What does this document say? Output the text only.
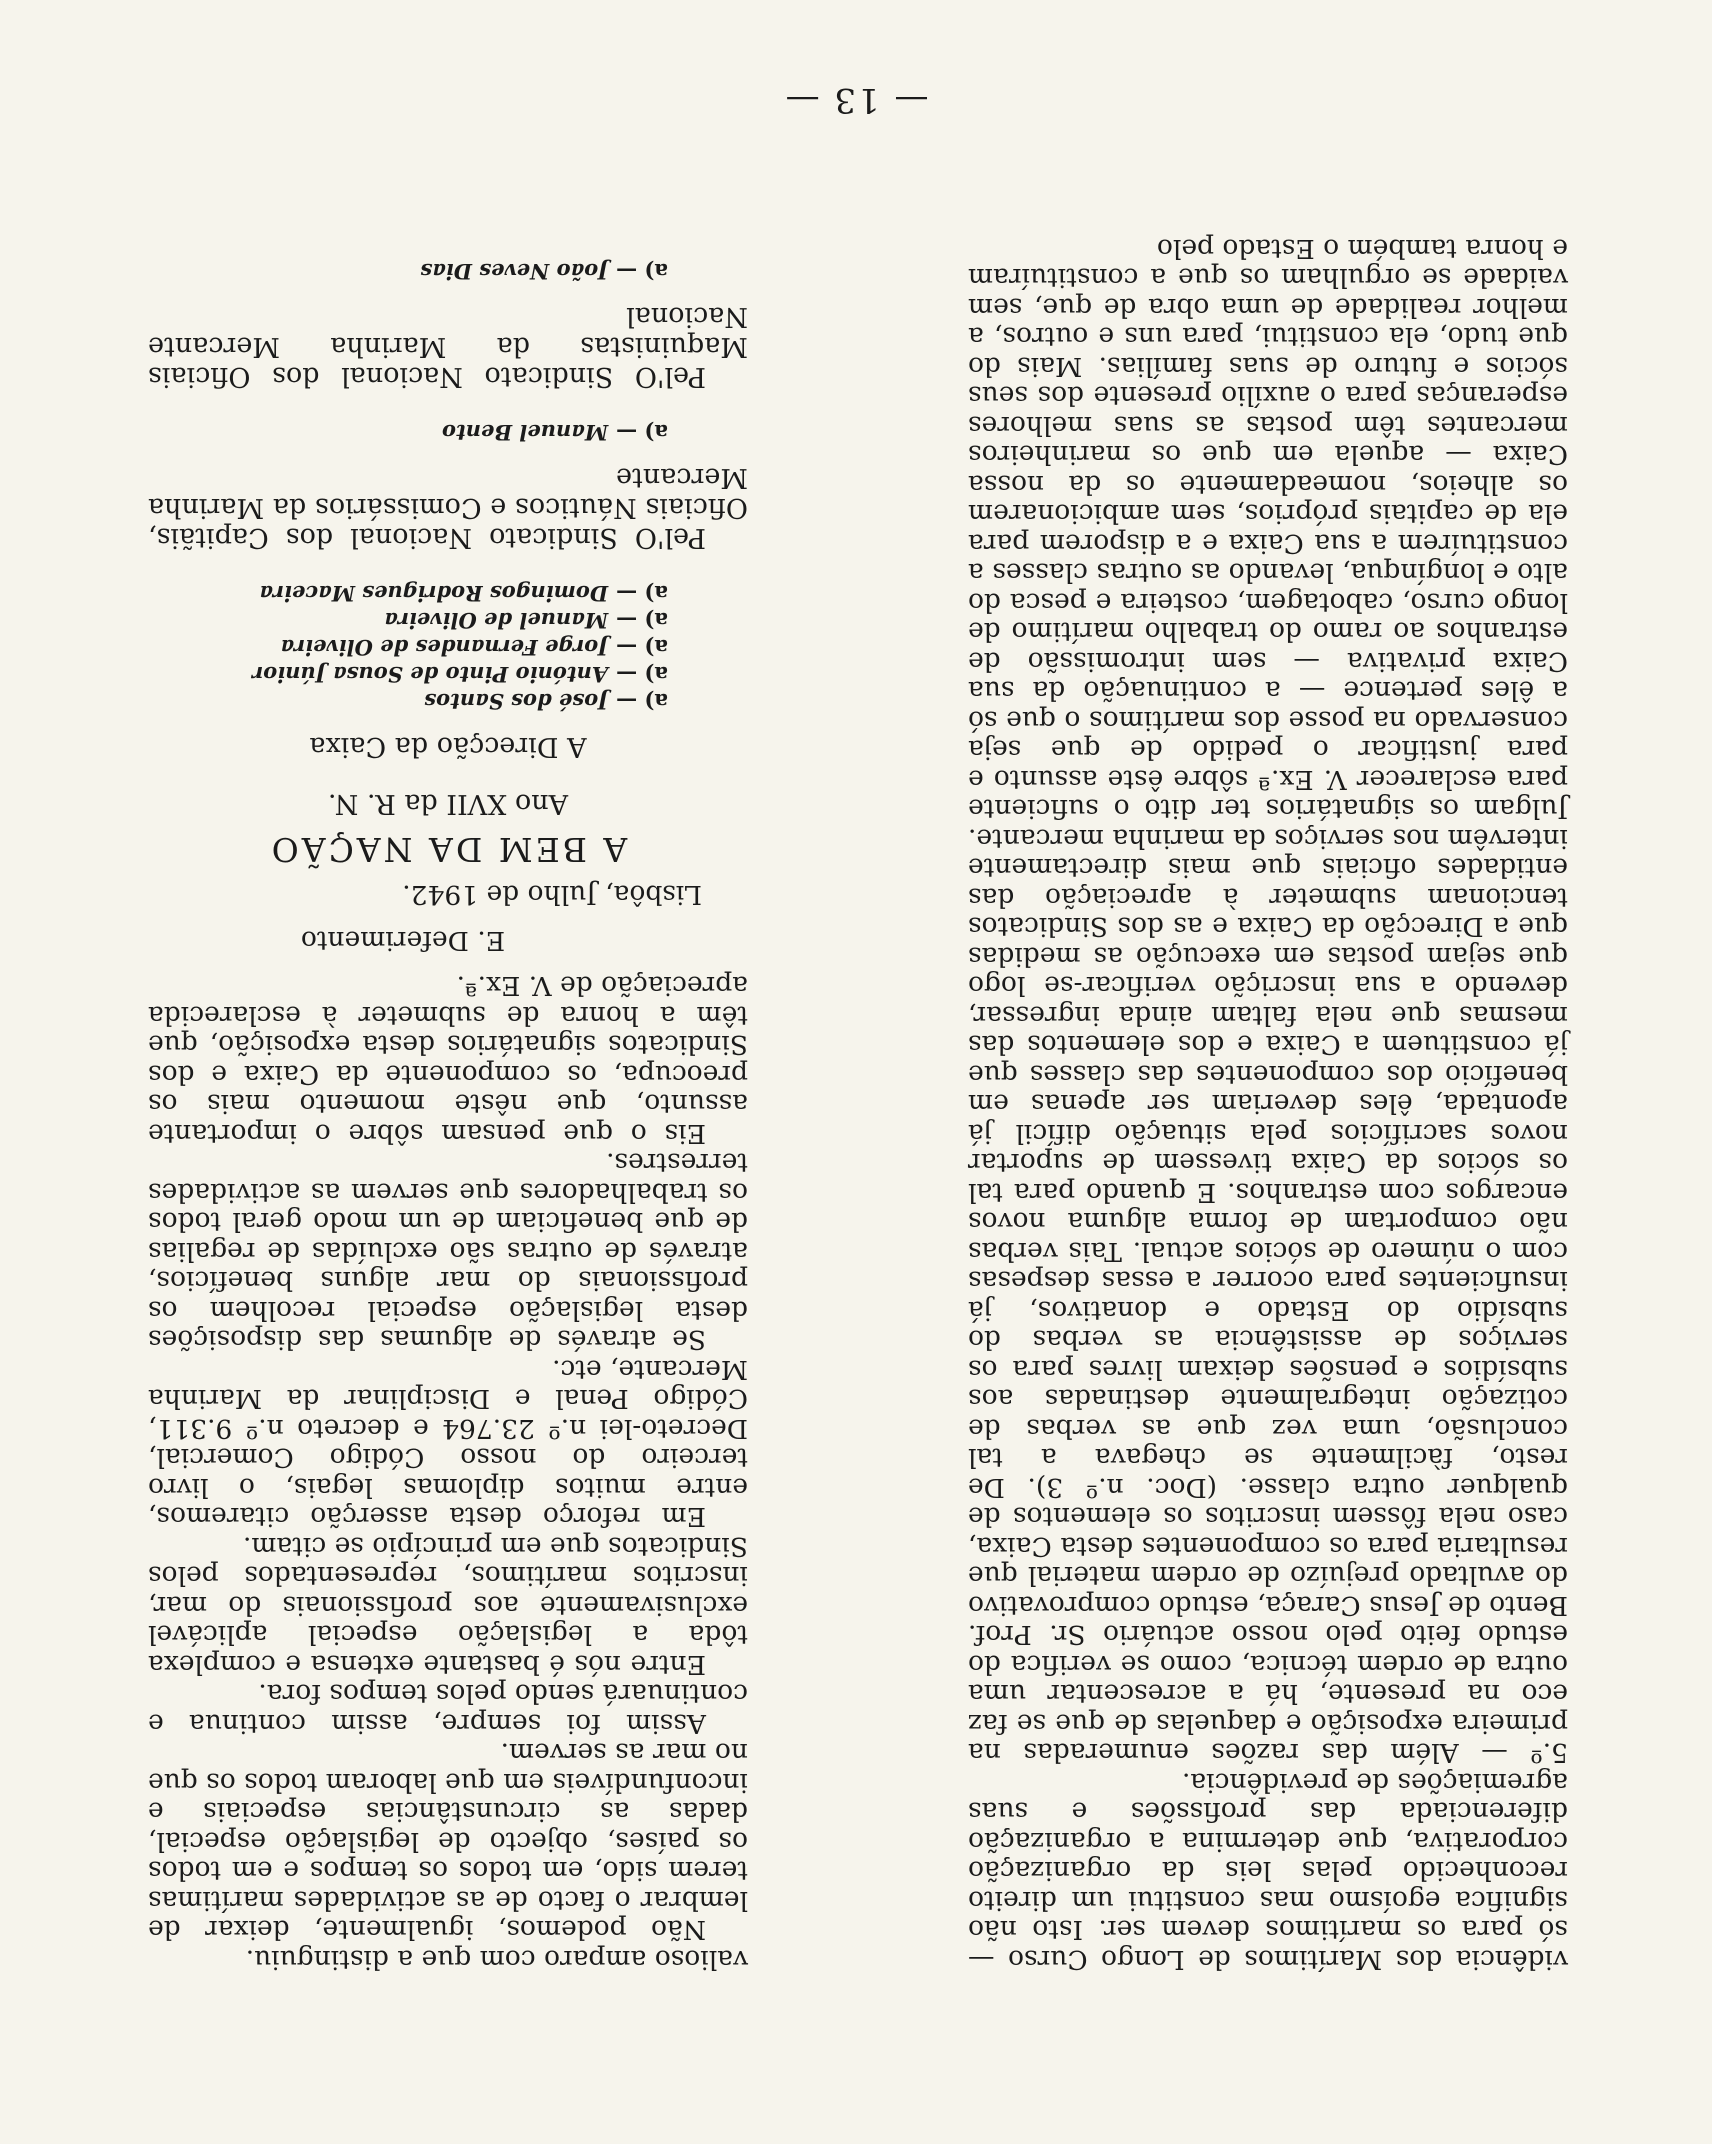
— 13 —

vidência dos Marítimos de Longo Curso — só para os marítimos devem ser. Isto não significa egoísmo mas constitui um direito reconhecido pelas leis da organização corporativa, que determina a organização diferenciada das profissões e suas agremiações de previdência.

5.º — Além das razões enumeradas na primeira exposição e daquelas de que se faz eco na presente, há a acrescentar uma outra de ordem técnica, como se verifica do estudo feito pelo nosso actuário Sr. Prof. Bento de Jesus Caraça, estudo comprovativo do avultado prejuízo de ordem material que resultaria para os componentes desta Caixa, caso nela fôssem inscritos os elementos de qualquer outra classe. (Doc. n.º 3). De resto, fàcilmente se chegava a tal conclusão, uma vez que as verbas de cotização integralmente destinadas aos subsídios e pensões deixam livres para os serviços de assistência as verbas do subsídio do Estado e donativos, já insuficientes para ocorrer a essas despesas com o número de sócios actual. Tais verbas não comportam de forma alguma novos encargos com estranhos. E quando para tal os sócios da Caixa tivessem de suportar novos sacrifícios pela situação difícil já apontada, êles deveriam ser apenas em benefício dos componentes das classes que já constituem a Caixa e dos elementos das mesmas que nela faltam ainda ingressar, devendo a sua inscrição verificar-se logo que sejam postas em execução as medidas que a Direcção da Caixa e as dos Sindicatos tencionam submeter à apreciação das entidades oficiais que mais directamente intervêm nos serviços da marinha mercante. Julgam os signatários ter dito o suficiente para esclarecer V. Ex.ª sôbre êste assunto e para justificar o pedido de que seja conservado na posse dos marítimos o que só a êles pertence — a continuação da sua Caixa privativa — sem intromissão de estranhos ao ramo do trabalho marítimo de longo curso, cabotagem, costeira e pesca do alto e longínqua, levando as outras classes a constituírem a sua Caixa e a disporem para ela de capitais próprios, sem ambicionarem os alheios, nomeadamente os da nossa Caixa — aquela em que os marinheiros mercantes têm postas as suas melhores esperanças para o auxílio presente dos seus sócios e futuro de suas famílias. Mais do que tudo, ela constitui, para uns e outros, a melhor realidade de uma obra de que, sem vaidade se orgulham os que a constituíram e honra também o Estado pelo

valioso amparo com que a distinguiu.

Não podemos, igualmente, deixar de lembrar o facto de as actividades marítimas terem sido, em todos os tempos e em todos os países, objecto de legislação especial, dadas as circunstâncias especiais e inconfundíveis em que laboram todos os que no mar as servem.

Assim foi sempre, assim continua e continuará sendo pelos tempos fora.

Entre nós é bastante extensa e complexa tôda a legislação especial aplicável exclusivamente aos profissionais do mar, inscritos marítimos, representados pelos Sindicatos que em princípio se citam.

Em reforço desta asserção citaremos, entre muitos diplomas legais, o livro terceiro do nosso Código Comercial, Decreto-lei n.º 23.764 e decreto n.º 9.311, Código Penal e Disciplinar da Marinha Mercante, etc.

Se através de algumas das disposições desta legislação especial recolhem os profissionais do mar alguns benefícios, através de outras são excluídas de regalias de que beneficiam de um modo geral todos os trabalhadores que servem as actividades terrestres.

Eis o que pensam sôbre o importante assunto, que nêste momento mais os preocupa, os componente da Caixa e dos Sindicatos signatários desta exposição, que têm a honra de submeter à esclarecida apreciação de V. Ex.ª.

E. Deferimento
Lisbôa, Julho de 1942.
A BEM DA NAÇÃO
Ano XVII da R. N.
A Direcção da Caixa
a) —José dos Santos
a) —António Pinto de Sousa Júnior
a) —Jorge Fernandes de Oliveira
a) —Manuel de Oliveira
a) —Domingos Rodrigues Maceira

Pel'O Sindicato Nacional dos Capitãis, Oficiais Náuticos e Comissários da Marinha Mercante

a) —Manuel Bento

Pel'O Sindicato Nacional dos Oficiais Maquinistas da Marinha Mercante Nacional

a) —João Neves Dias
